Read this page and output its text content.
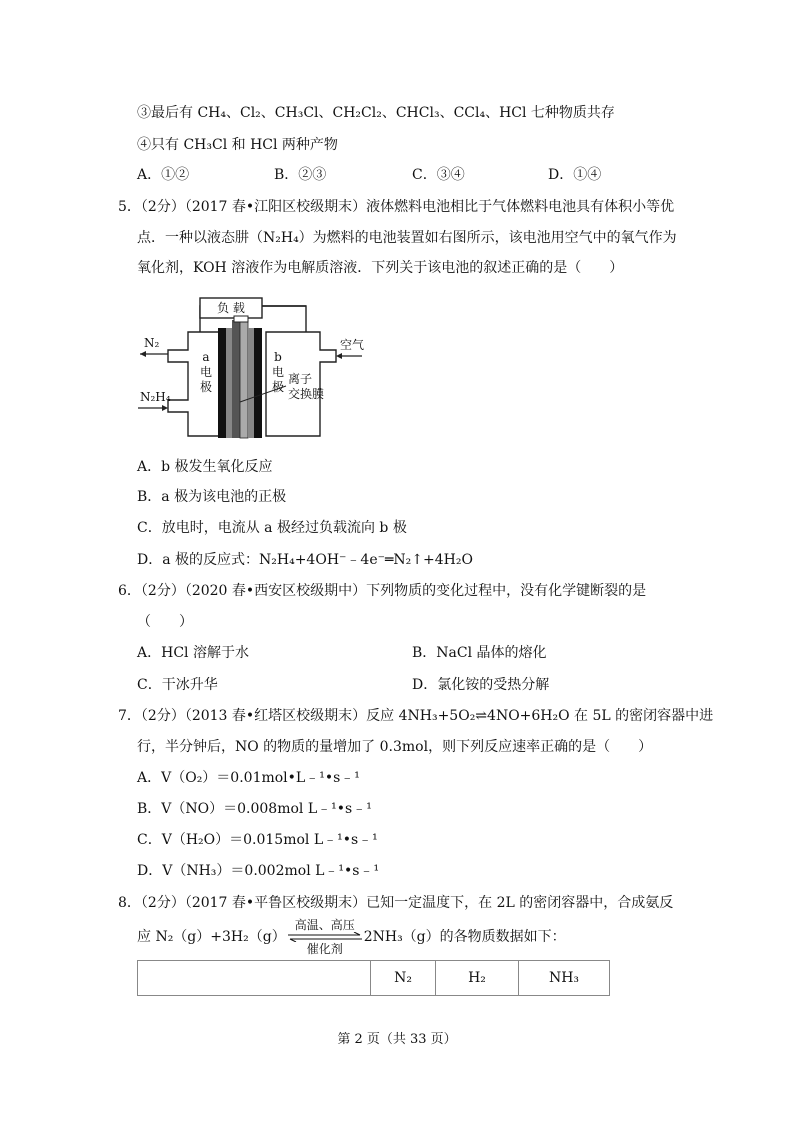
③最后有 CH₄、Cl₂、CH₃Cl、CH₂Cl₂、CHCl₃、CCl₄、HCl 七种物质共存
④只有 CH₃Cl 和 HCl 两种产物
A．①②	B．②③	C．③④	D．①④
5．（2分）（2017 春•江阳区校级期末）液体燃料电池相比于气体燃料电池具有体积小等优
点．一种以液态肼（N₂H₄）为燃料的电池装置如右图所示，该电池用空气中的氧气作为
氧化剂，KOH 溶液作为电解质溶液．下列关于该电池的叙述正确的是（　　）
负 载
N₂
N₂H₄
空气
a
电
极
b
电
极
离子
交换膜
A．b 极发生氧化反应
B．a 极为该电池的正极
C．放电时，电流从 a 极经过负载流向 b 极
D．a 极的反应式：N₂H₄+4OH⁻﹣4e⁻═N₂↑+4H₂O
6．（2分）（2020 春•西安区校级期中）下列物质的变化过程中，没有化学键断裂的是
（　　）
A．HCl 溶解于水	B．NaCl 晶体的熔化
C．干冰升华	D．氯化铵的受热分解
7．（2分）（2013 春•红塔区校级期末）反应 4NH₃+5O₂⇌4NO+6H₂O 在 5L 的密闭容器中进
行，半分钟后，NO 的物质的量增加了 0.3mol，则下列反应速率正确的是（　　）
A．V（O₂）＝0.01mol•L﹣¹•s﹣¹
B．V（NO）＝0.008mol L﹣¹•s﹣¹
C．V（H₂O）＝0.015mol L﹣¹•s﹣¹
D．V（NH₃）＝0.002mol L﹣¹•s﹣¹
8．（2分）（2017 春•平鲁区校级期末）已知一定温度下，在 2L 的密闭容器中，合成氨反
应 N₂（g）+3H₂（g）
高温、高压
催化剂
2NH₃（g）的各物质数据如下：
	N₂	H₂	NH₃
第 2 页（共 33 页）
